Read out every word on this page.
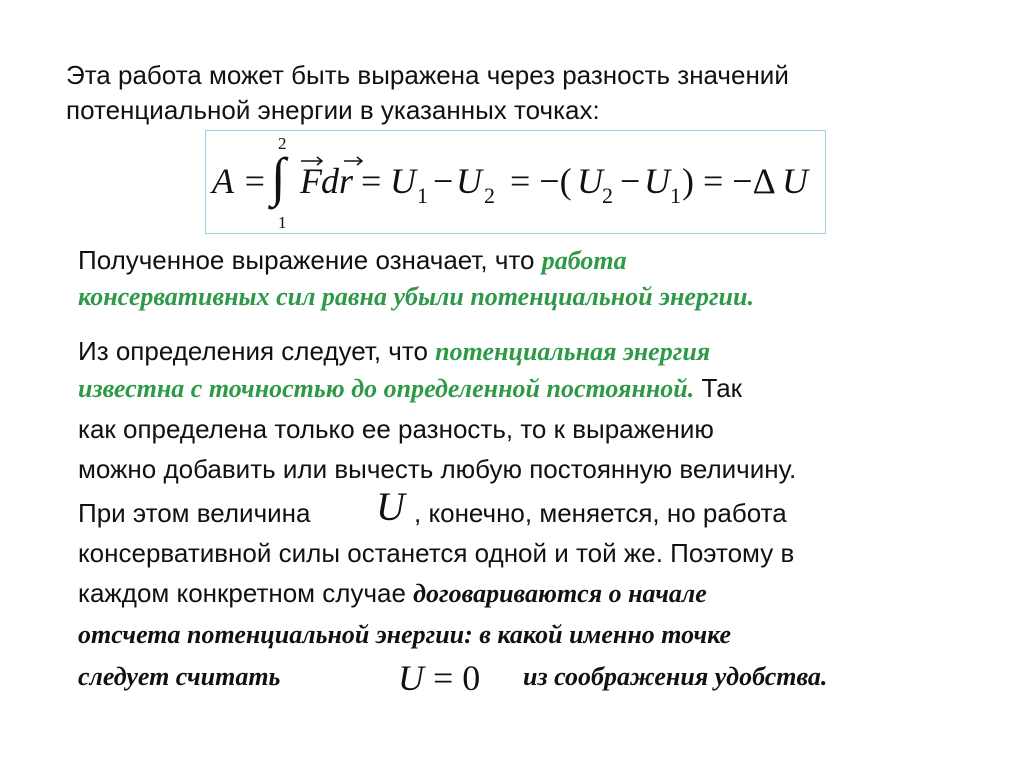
Эта работа может быть выражена через разность значений
потенциальной энергии в указанных точках:
A =
2
∫
1
F dr = U 1 − U 2 = −( U 2 − U 1 ) = −Δ U
Полученное выражение означает, что работа
консервативных сил равна убыли потенциальной энергии.
Из определения следует, что потенциальная энергия
известна с точностью до определенной постоянной. Так
как определена только ее разность, то к выражению
можно добавить или вычесть любую постоянную величину.
При этом величина U , конечно, меняется, но работа
консервативной силы останется одной и той же. Поэтому в
каждом конкретном случае договариваются о начале
отсчета потенциальной энергии: в какой именно точке
следует считать	U = 0 из соображения удобства.
